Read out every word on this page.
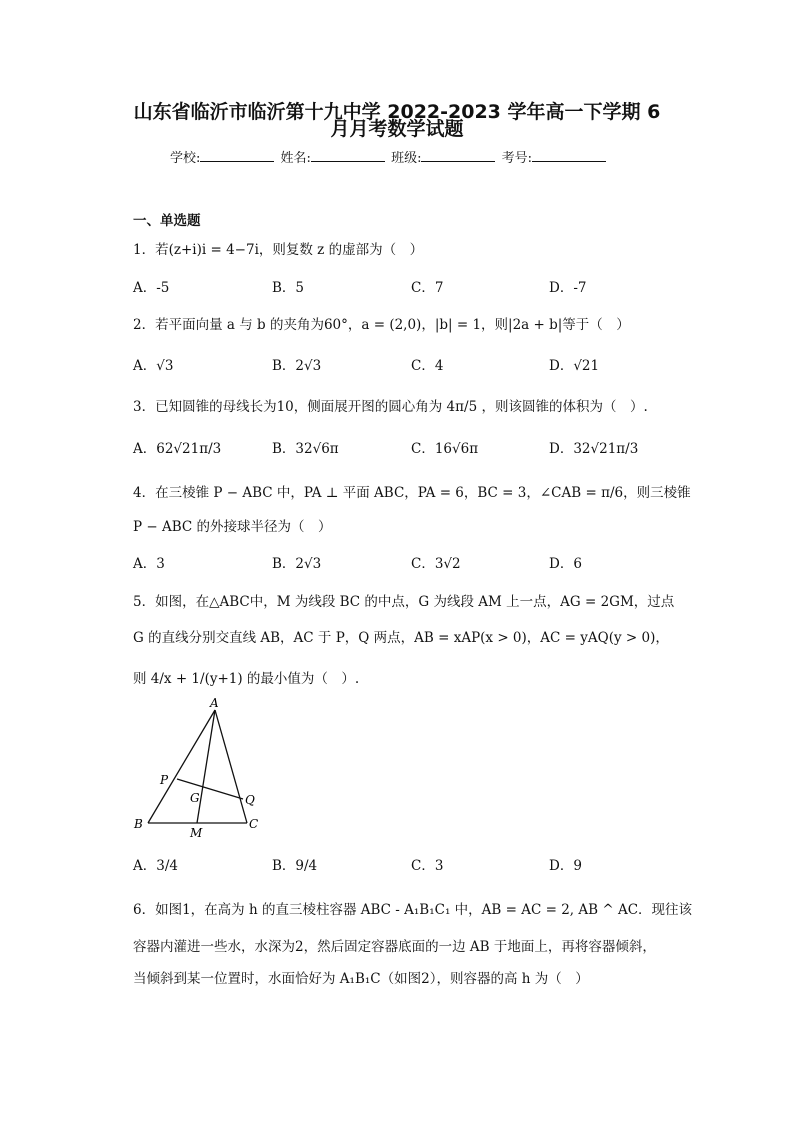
山东省临沂市临沂第十九中学 2022-2023 学年高一下学期 6
月月考数学试题
学校:	姓名:	班级:	考号:
一、单选题
1．若(z+i)i = 4−7i，则复数 z 的虚部为（　）
A．-5	B．5	C．7	D．-7
2．若平面向量 a 与 b 的夹角为60°，a = (2,0)，|b| = 1，则|2a + b|等于（　）
A．√3	B．2√3	C．4	D．√21
3．已知圆锥的母线长为10，侧面展开图的圆心角为 4π/5 ，则该圆锥的体积为（　）.
A．62√21π/3	B．32√6π	C．16√6π	D．32√21π/3
4．在三棱锥 P − ABC 中，PA ⊥ 平面 ABC，PA = 6，BC = 3，∠CAB = π/6，则三棱锥
P − ABC 的外接球半径为（　）
A．3	B．2√3	C．3√2	D．6
5．如图，在△ABC中，M 为线段 BC 的中点，G 为线段 AM 上一点，AG = 2GM，过点
G 的直线分别交直线 AB，AC 于 P，Q 两点，AB = xAP(x > 0)，AC = yAQ(y > 0)，
则 4/x + 1/(y+1) 的最小值为（　）.
A
P
G	Q
B
M
C
A．3/4	B．9/4	C．3	D．9
6．如图1，在高为 h 的直三棱柱容器 ABC - A₁B₁C₁ 中，AB = AC = 2, AB ^ AC．现往该
容器内灌进一些水，水深为2，然后固定容器底面的一边 AB 于地面上，再将容器倾斜，
当倾斜到某一位置时，水面恰好为 A₁B₁C（如图2），则容器的高 h 为（　）
